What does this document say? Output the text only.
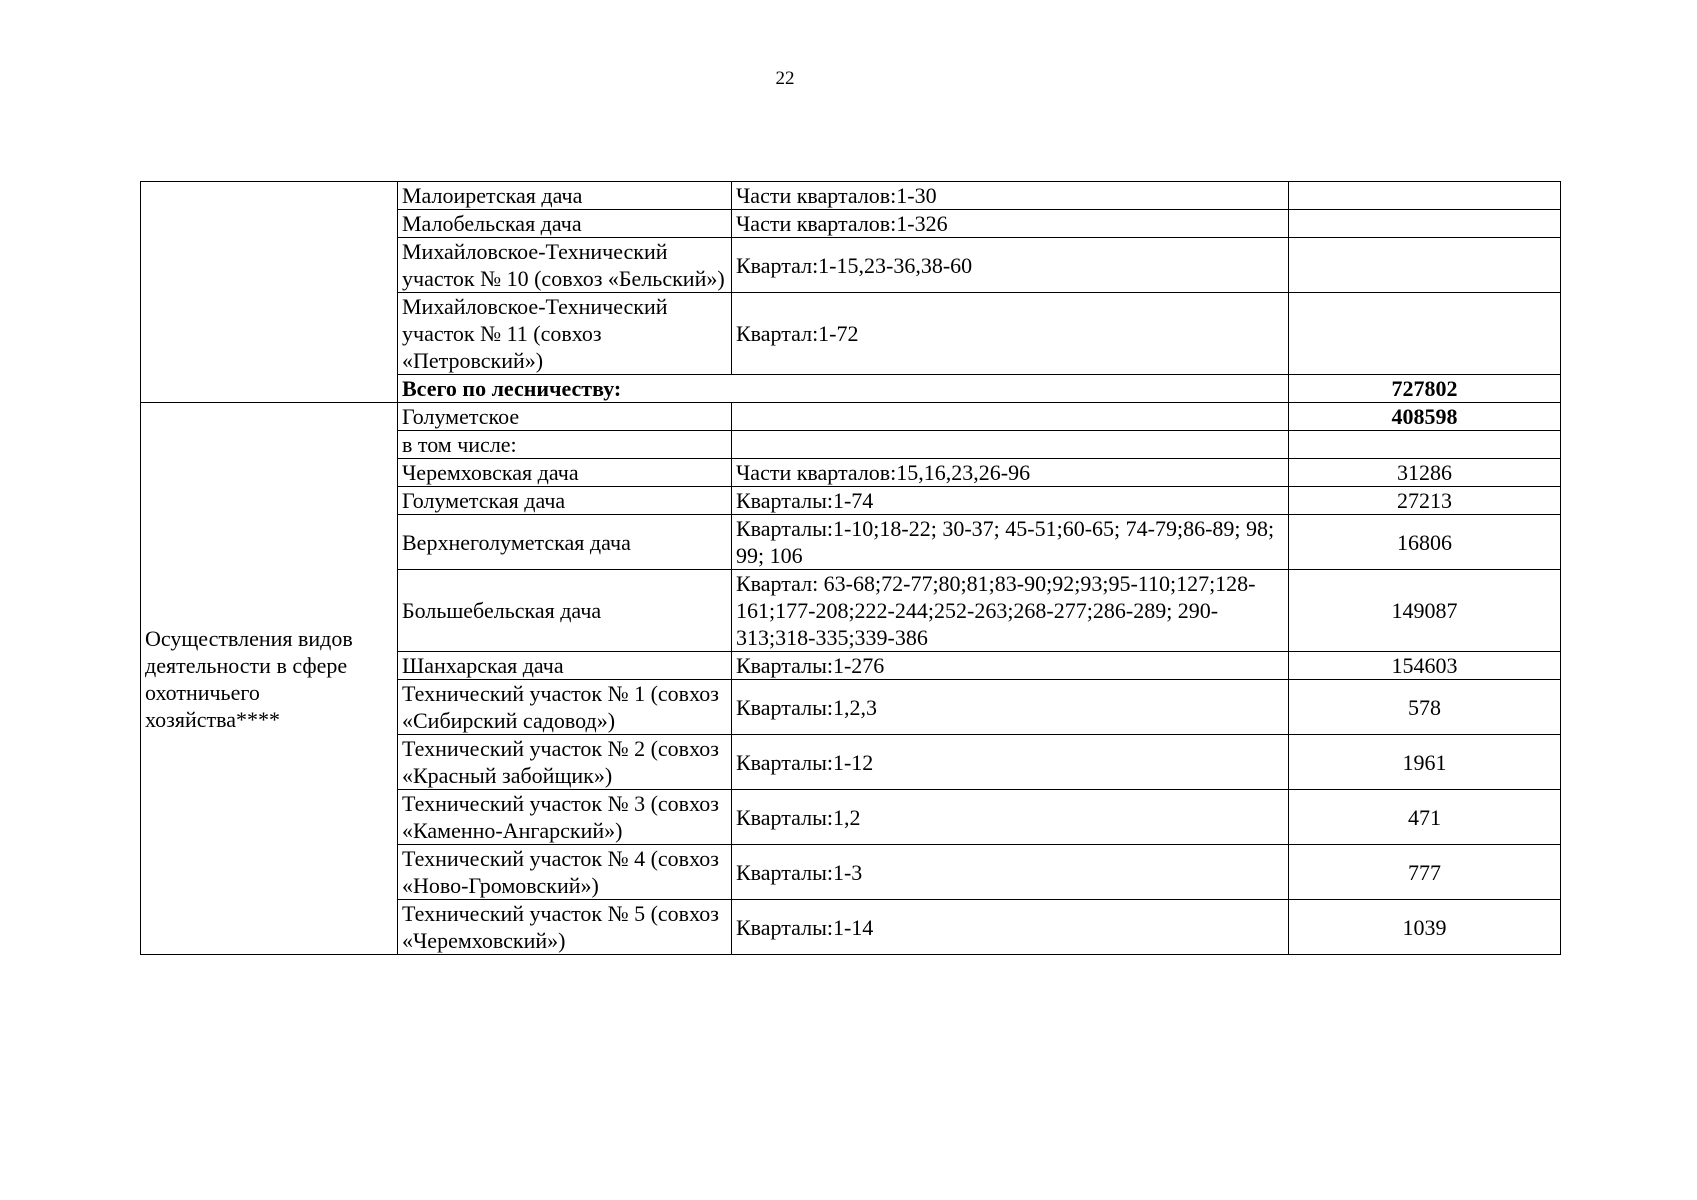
22
	Малоиретская дача	Части кварталов:1-30	
	Малобельская дача	Части кварталов:1-326	
	Михайловское-Технический участок № 10 (совхоз «Бельский»)	Квартал:1-15,23-36,38-60	
	Михайловское-Технический участок № 11 (совхоз «Петровский»)	Квартал:1-72	
	Всего по лесничеству:		727802
Осуществления видов деятельности в сфере охотничьего хозяйства****	Голуметское		408598
	в том числе:		
	Черемховская дача	Части кварталов:15,16,23,26-96	31286
	Голуметская дача	Кварталы:1-74	27213
	Верхнеголуметская дача	Кварталы:1-10;18-22; 30-37; 45-51;60-65; 74-79;86-89; 98; 99; 106	16806
	Большебельская дача	Квартал: 63-68;72-77;80;81;83-90;92;93;95-110;127;128-161;177-208;222-244;252-263;268-277;286-289; 290-313;318-335;339-386	149087
	Шанхарская дача	Кварталы:1-276	154603
	Технический участок № 1 (совхоз «Сибирский садовод»)	Кварталы:1,2,3	578
	Технический участок № 2 (совхоз «Красный забойщик»)	Кварталы:1-12	1961
	Технический участок № 3 (совхоз «Каменно-Ангарский»)	Кварталы:1,2	471
	Технический участок № 4 (совхоз «Ново-Громовский»)	Кварталы:1-3	777
	Технический участок № 5 (совхоз «Черемховский»)	Кварталы:1-14	1039
